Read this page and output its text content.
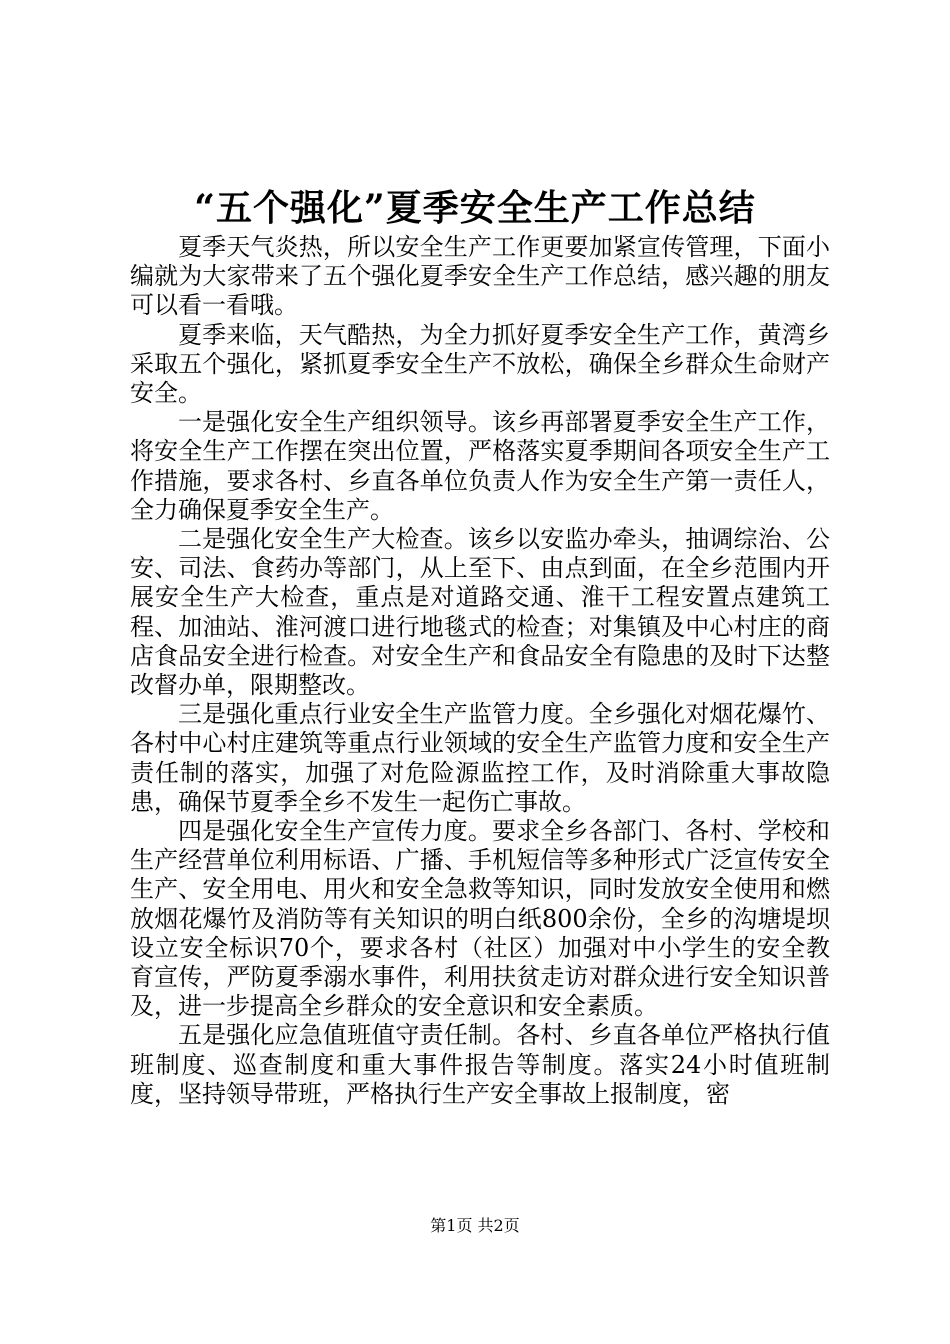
“五个强化”夏季安全生产工作总结

夏季天气炎热，所以安全生产工作更要加紧宣传管理，下面小编就为大家带来了五个强化夏季安全生产工作总结，感兴趣的朋友可以看一看哦。

夏季来临，天气酷热，为全力抓好夏季安全生产工作，黄湾乡采取五个强化，紧抓夏季安全生产不放松，确保全乡群众生命财产安全。

一是强化安全生产组织领导。该乡再部署夏季安全生产工作，将安全生产工作摆在突出位置，严格落实夏季期间各项安全生产工作措施，要求各村、乡直各单位负责人作为安全生产第一责任人，全力确保夏季安全生产。

二是强化安全生产大检查。该乡以安监办牵头，抽调综治、公安、司法、食药办等部门，从上至下、由点到面，在全乡范围内开展安全生产大检查，重点是对道路交通、淮干工程安置点建筑工程、加油站、淮河渡口进行地毯式的检查；对集镇及中心村庄的商店食品安全进行检查。对安全生产和食品安全有隐患的及时下达整改督办单，限期整改。

三是强化重点行业安全生产监管力度。全乡强化对烟花爆竹、各村中心村庄建筑等重点行业领域的安全生产监管力度和安全生产责任制的落实，加强了对危险源监控工作，及时消除重大事故隐患，确保节夏季全乡不发生一起伤亡事故。

四是强化安全生产宣传力度。要求全乡各部门、各村、学校和生产经营单位利用标语、广播、手机短信等多种形式广泛宣传安全生产、安全用电、用火和安全急救等知识，同时发放安全使用和燃放烟花爆竹及消防等有关知识的明白纸800余份，全乡的沟塘堤坝设立安全标识70个，要求各村（社区）加强对中小学生的安全教育宣传，严防夏季溺水事件，利用扶贫走访对群众进行安全知识普及，进一步提高全乡群众的安全意识和安全素质。

五是强化应急值班值守责任制。各村、乡直各单位严格执行值班制度、巡查制度和重大事件报告等制度。落实24小时值班制度，坚持领导带班，严格执行生产安全事故上报制度，密

第1页 共2页
